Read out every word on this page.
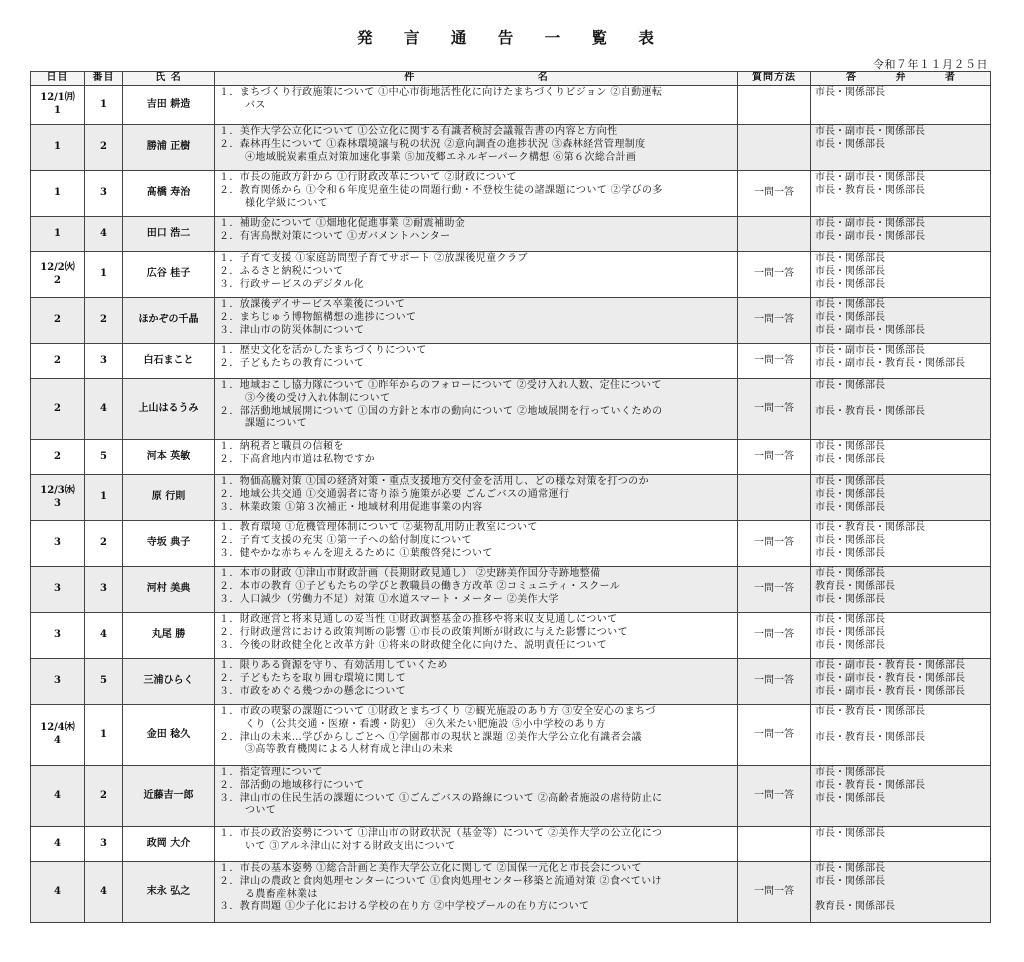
発 言 通 告 一 覧 表
令和７年１１月２５日
日目	番目	氏 名	件 名	質問方法	答 弁 者

12/1㈪
1	1	吉田 耕造	１．まちづくり行政施策について ①中心市街地活性化に向けたまちづくりビジョン ②自動運転
バス		市長・関係部長

1	2	勝浦 正樹	１．美作大学公立化について ①公立化に関する有識者検討会議報告書の内容と方向性
２．森林再生について ①森林環境譲与税の状況 ②意向調査の進捗状況 ③森林経営管理制度
④地域脱炭素重点対策加速化事業 ⑤加茂郷エネルギーパーク構想 ⑥第６次総合計画		市長・副市長・関係部長
市長・関係部長

1	3	髙橋 寿治	１．市長の施政方針から ①行財政改革について ②財政について
２．教育関係から ①令和６年度児童生徒の問題行動・不登校生徒の諸課題について ②学びの多
様化学級について	一問一答	市長・副市長・関係部長
市長・教育長・関係部長

1	4	田口 浩二	１．補助金について ①畑地化促進事業 ②耐震補助金
２．有害鳥獣対策について ①ガバメントハンター		市長・副市長・関係部長
市長・副市長・関係部長

12/2㈫
2	1	広谷 桂子	１．子育て支援 ①家庭訪問型子育てサポート ②放課後児童クラブ
２．ふるさと納税について
３．行政サービスのデジタル化	一問一答	市長・関係部長
市長・関係部長
市長・関係部長

2	2	ほかぞの千晶	１．放課後デイサービス卒業後について
２．まちじゅう博物館構想の進捗について
３．津山市の防災体制について	一問一答	市長・関係部長
市長・関係部長
市長・副市長・関係部長

2	3	白石まこと	１．歴史文化を活かしたまちづくりについて
２．子どもたちの教育について	一問一答	市長・副市長・関係部長
市長・副市長・教育長・関係部長

2	4	上山はるうみ	１．地域おこし協力隊について ①昨年からのフォローについて ②受け入れ人数、定住について
③今後の受け入れ体制について
２．部活動地域展開について ①国の方針と本市の動向について ②地域展開を行っていくための
課題について	一問一答	市長・関係部長
市長・教育長・関係部長

2	5	河本 英敏	１．納税者と職員の信頼を
２．下高倉地内市道は私物ですか	一問一答	市長・関係部長
市長・関係部長

12/3㈬
3	1	原 行則	１．物価高騰対策 ①国の経済対策・重点支援地方交付金を活用し、どの様な対策を打つのか
２．地域公共交通 ①交通弱者に寄り添う施策が必要 ごんごバスの通常運行
３．林業政策 ①第３次補正・地域材利用促進事業の内容		市長・関係部長
市長・関係部長
市長・関係部長

3	2	寺坂 典子	１．教育環境 ①危機管理体制について ②薬物乱用防止教室について
２．子育て支援の充実 ①第一子への給付制度について
３．健やかな赤ちゃんを迎えるために ①葉酸啓発について	一問一答	市長・教育長・関係部長
市長・関係部長
市長・関係部長

3	3	河村 美典	１．本市の財政 ①津山市財政計画（長期財政見通し） ②史跡美作国分寺跡地整備
２．本市の教育 ①子どもたちの学びと教職員の働き方改革 ②コミュニティ・スクール
３．人口減少（労働力不足）対策 ①水道スマート・メーター ②美作大学	一問一答	市長・関係部長
教育長・関係部長
市長・関係部長

3	4	丸尾 勝	１．財政運営と将来見通しの妥当性 ①財政調整基金の推移や将来収支見通しについて
２．行財政運営における政策判断の影響 ①市長の政策判断が財政に与えた影響について
３．今後の財政健全化と改革方針 ①将来の財政健全化に向けた、説明責任について	一問一答	市長・関係部長
市長・関係部長
市長・関係部長

3	5	三浦ひらく	１．限りある資源を守り、有効活用していくため
２．子どもたちを取り囲む環境に関して
３．市政をめぐる幾つかの懸念について	一問一答	市長・副市長・教育長・関係部長
市長・副市長・教育長・関係部長
市長・副市長・教育長・関係部長

12/4㈭
4	1	金田 稔久	１．市政の喫緊の課題について ①財政とまちづくり ②観光施設のあり方 ③安全安心のまちづ
くり（公共交通・医療・看護・防犯） ④久米たい肥施設 ⑤小中学校のあり方
２．津山の未来…学びからしごとへ ①学園都市の現状と課題 ②美作大学公立化有識者会議
③高等教育機関による人材育成と津山の未来	一問一答	市長・教育長・関係部長
市長・教育長・関係部長

4	2	近藤吉一郎	１．指定管理について
２．部活動の地域移行について
３．津山市の住民生活の課題について ①ごんごバスの路線について ②高齢者施設の虐待防止に
ついて	一問一答	市長・関係部長
市長・教育長・関係部長
市長・関係部長

4	3	政岡 大介	１．市長の政治姿勢について ①津山市の財政状況（基金等）について ②美作大学の公立化につ
いて ③アルネ津山に対する財政支出について		市長・関係部長

4	4	末永 弘之	１．市長の基本姿勢 ①総合計画と美作大学公立化に関して ②国保一元化と市長会について
２．津山の農政と食肉処理センターについて ①食肉処理センター移築と流通対策 ②食べていけ
る農畜産林業は
３．教育問題 ①少子化における学校の在り方 ②中学校プールの在り方について	一問一答	市長・関係部長
市長・関係部長
教育長・関係部長
